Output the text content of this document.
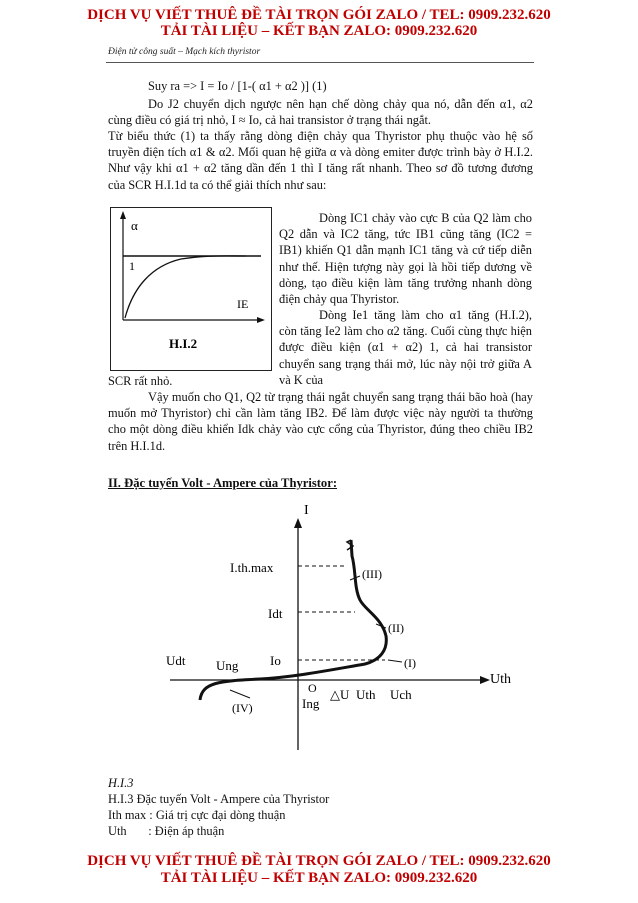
DỊCH VỤ VIẾT THUÊ ĐỀ TÀI TRỌN GÓI ZALO / TEL: 0909.232.620
TẢI TÀI LIỆU – KẾT BẠN ZALO: 0909.232.620
Điện tử công suất – Mạch kích thyristor
Suy ra => I = Io / [1-( α1 + α2 )] (1)
Do J2 chuyển dịch ngược nên hạn chế dòng chảy qua nó, dẫn đến α1, α2 cùng điều có giá trị nhỏ, I ≈ Io, cả hai transistor ở trạng thái ngắt.
Từ biểu thức (1) ta thấy rằng dòng điện chảy qua Thyristor phụ thuộc vào hệ số truyền điện tích α1 & α2. Mối quan hệ giữa α và dòng emiter được trình bày ở H.I.2. Như vậy khi α1 + α2 tăng dần đến 1 thì I tăng rất nhanh. Theo sơ đồ tương đương của SCR H.I.1d ta có thể giải thích như sau:
α
1
IE
H.I.2
Dòng IC1 chảy vào cực B của Q2 làm cho Q2 dẫn và IC2 tăng, tức IB1 cũng tăng (IC2 = IB1) khiến Q1 dẫn mạnh IC1 tăng và cứ tiếp diễn như thế. Hiện tượng này gọi là hồi tiếp dương về dòng, tạo điều kiện làm tăng trưởng nhanh dòng điện chảy qua Thyristor.
Dòng Ie1 tăng làm cho α1 tăng (H.I.2), còn tăng Ie2 làm cho α2 tăng. Cuối cùng thực hiện được điều kiện (α1 + α2) 1, cả hai transistor chuyển sang trạng thái mở, lúc này nội trở giữa A và K của
SCR rất nhỏ.
Vậy muốn cho Q1, Q2 từ trạng thái ngắt chuyển sang trạng thái bão hoà (hay muốn mở Thyristor) chỉ cần làm tăng IB2. Để làm được việc này người ta thường cho một dòng điều khiển Idk chảy vào cực cổng của Thyristor, đúng theo chiều IB2 trên H.I.1d.
II. Đặc tuyến Volt - Ampere của Thyristor:
I
I.th.max
Idt
Io
Udt Ung
Ing
O △U Uth Uch
Uth
(I)
(II)
(III)
(IV)
H.I.3
H.I.3 Đặc tuyến Volt - Ampere của Thyristor
Ith max : Giá trị cực đại dòng thuận
Uth       : Điện áp thuận
DỊCH VỤ VIẾT THUÊ ĐỀ TÀI TRỌN GÓI ZALO / TEL: 0909.232.620
TẢI TÀI LIỆU – KẾT BẠN ZALO: 0909.232.620
